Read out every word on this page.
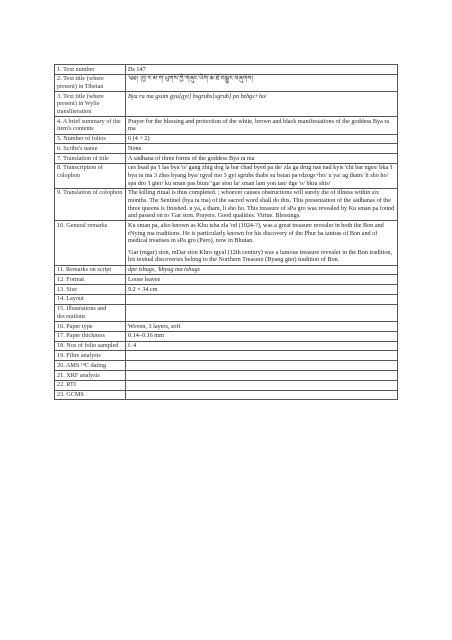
1. Text number	Ds 147
2. Text title (where present) in Tibetan	༄༅། །བྱ་ར་མ་ག་ཡུགས་ཀྱི་གཞུང་ཡིག་ཆ་ཐོ་བསྒྱུར་བཞུགས།
3. Text title (where present) in Wylie transliteration	Bya ra ma gsum gyu[gyi] bsgrubs[sgrub] pa bzhgs+ho/
4. A brief summary of the item's contents	Prayer for the blessing and protection of the white, brown and black manifestations of the goddess Bya ra ma
5. Number of folios	6 (4 + 2)
6. Scribe's name	None
7. Translation of title	A sādhana of three forms of the goddess Bya ra ma
8. Transcription of colophon	ces bsad pa 'i las bya 'o/ gang zhig dog la bar chad byed pa de/ zla ga drug nas nad kyis 'chi bar nges/ bka 'i bya ra ma 3 zhes byang bya/ rgyal mo 3 gyi sgrubs thabs su bstan pa rdzogs+ho/ u ya/ ag tham/ li sho ho/ spa dro 'i gter/ ku sman pas btun/ 'gar ston la/ sman lam yon tan/ dge 'o/ bkra shis/
9. Translation of colophon	The killing ritual is thus completed. ; whoever causes obstructions will surely die of illness within six months. The Sentinel (bya ra ma) of the sacred word shall do this. This presentation of the sādhanas of the three queens is finished. u ya, a tham, li sho ho. This treasure of sPa gro was revealed by Ku sman pa found and passed on to 'Gar ston. Prayers. Good qualities. Virtue. Blessings.
10. General remarks	Ku sman pa, also known as Khu tsha zla 'od (1024-?), was a great treasure revealer in both the Bon and rNying ma traditions. He is particularly known for his discovery of the Phur ba tantras of Bon and of medical treatises in sPa gro (Paro), now in Bhutan.

'Gar (mgar) ston, mDar ston Khro rgyal (12th century) was a famous treasure revealer in the Bon tradition, his textual discoveries belong to the Northern Treasure (Byang gter) tradition of Bon.

11. Remarks on script	dpe tshugs, 'khyug ma tshugs
12. Format	Loose leaves
13. Size	9.2 × 34 cm
14. Layout	
15. Illustrations and decorations	
16. Paper type	Woven, 3 layers, soft
17. Paper thickness	0.14–0.16 mm
18. Nos of folio sampled	f. 4
19. Fibre analysis	
20. AMS ¹⁴C dating	
21. XRF analysis	
22. RTI	
23. GCMS	
